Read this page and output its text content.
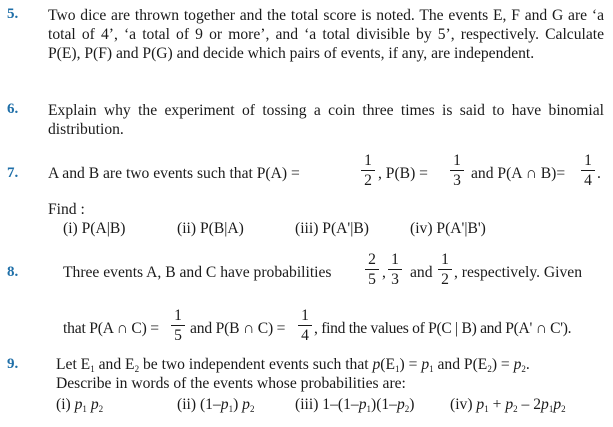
5. Two dice are thrown together and the total score is noted. The events E, F and G are ‘a total of 4’, ‘a total of 9 or more’, and ‘a total divisible by 5’, respectively. Calculate P(E), P(F) and P(G) and decide which pairs of events, if any, are independent.
6. Explain why the experiment of tossing a coin three times is said to have binomial distribution.
7. A and B are two events such that P(A) =
1
2 , P(B) =
1
3 and P(A ∩ B)=
1
4 .
Find :
(i) P(A|B)	(ii) P(B|A)	(iii) P(A'|B)	(iv) P(A'|B')
8.	Three events A, B and C have probabilities
2
5 ,
1
3 and
1
2 , respectively. Given
that P(A ∩ C) =
1
5 and P(B ∩ C) =
1
4 , find the values of P(C | B) and P(A' ∩ C').
9. Let $E_1$ and $E_2$ be two independent events such that $p(E_1) = p_1$ and $P(E_2) = p_2$.
Describe in words of the events whose probabilities are:
(i) $p_1$ $p_2$	(ii) $(1-p_1)$ $p_2$	(iii) $1-(1-p_1)(1-p_2)$ (iv) $p_1 + p_2 - 2p_1p_2$
